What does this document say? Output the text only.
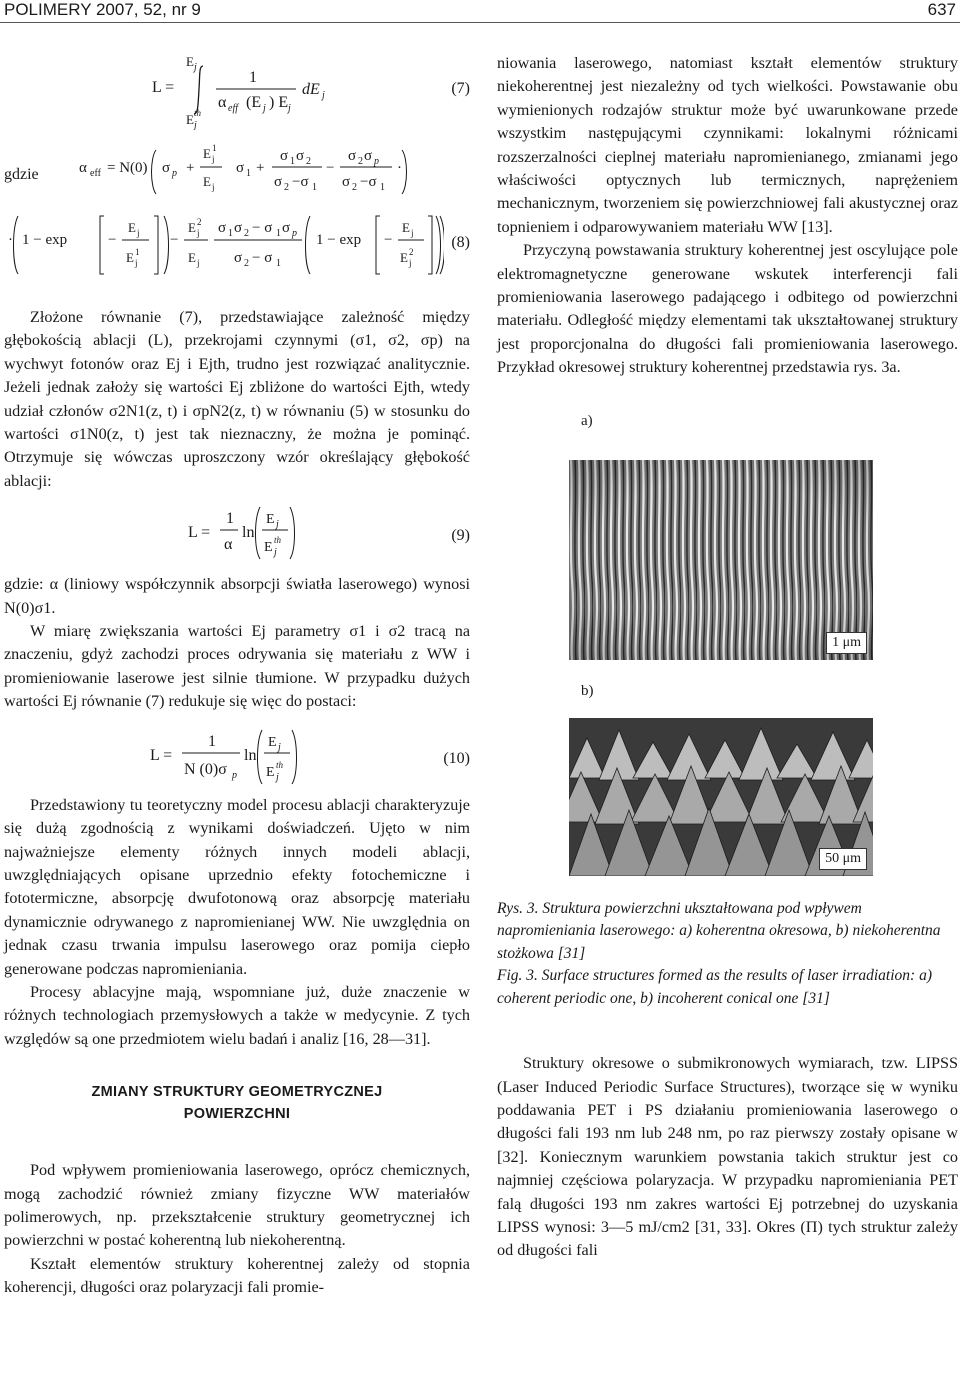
POLIMERY 2007, 52, nr 9	637
L =
E j
E j
th
1
α eff (E j ) E j
dE j	(7)
gdzie	α eff = N(0) σ p +
E j
1
E j
σ 1 +
σ 1 σ 2
σ 2 −σ 1
−
σ 2 σ p
σ 2 −σ 1
·
· 1 − exp	−
E j
E j
1
−
E j
2
E j
σ 1 σ 2 − σ 1 σ p
σ 2 − σ 1
1 − exp −
E j
E j
2
(8)

Złożone równanie (7), przedstawiające zależność między głębokością ablacji (L), przekrojami czynnymi (σ1, σ2, σp) na wychwyt fotonów oraz Ej i Ejth, trudno jest rozwiązać analitycznie. Jeżeli jednak założy się wartości Ej zbliżone do wartości Ejth, wtedy udział członów σ2N1(z, t) i σpN2(z, t) w równaniu (5) w stosunku do wartości σ1N0(z, t) jest tak nieznaczny, że można je pominąć. Otrzymuje się wówczas uproszczony wzór określający głębokość ablacji:

L =
1
α
ln
E j
E j
th	(9)

gdzie: α (liniowy współczynnik absorpcji światła laserowego) wynosi N(0)σ1.

W miarę zwiększania wartości Ej parametry σ1 i σ2 tracą na znaczeniu, gdyż zachodzi proces odrywania się materiału z WW i promieniowanie laserowe jest silnie tłumione. W przypadku dużych wartości Ej równanie (7) redukuje się więc do postaci:

L =
1
N (0)σ p
ln
E j
E j
th	(10)

Przedstawiony tu teoretyczny model procesu ablacji charakteryzuje się dużą zgodnością z wynikami doświadczeń. Ujęto w nim najważniejsze elementy różnych innych modeli ablacji, uwzględniających opisane uprzednio efekty fotochemiczne i fototermiczne, absorpcję dwufotonową oraz absorpcję materiału dynamicznie odrywanego z napromienianej WW. Nie uwzględnia on jednak czasu trwania impulsu laserowego oraz pomija ciepło generowane podczas napromieniania.

Procesy ablacyjne mają, wspomniane już, duże znaczenie w różnych technologiach przemysłowych a także w medycynie. Z tych względów są one przedmiotem wielu badań i analiz [16, 28—31].

ZMIANY STRUKTURY GEOMETRYCZNEJ

POWIERZCHNI

Pod wpływem promieniowania laserowego, oprócz chemicznych, mogą zachodzić również zmiany fizyczne WW materiałów polimerowych, np. przekształcenie struktury geometrycznej ich powierzchni w postać koherentną lub niekoherentną.

Kształt elementów struktury koherentnej zależy od stopnia koherencji, długości oraz polaryzacji fali promie-

niowania laserowego, natomiast kształt elementów struktury niekoherentnej jest niezależny od tych wielkości. Powstawanie obu wymienionych rodzajów struktur może być uwarunkowane przede wszystkim następującymi czynnikami: lokalnymi różnicami rozszerzalności cieplnej materiału napromienianego, zmianami jego właściwości optycznych lub termicznych, naprężeniem mechanicznym, tworzeniem się powierzchniowej fali akustycznej oraz topnieniem i odparowywaniem materiału WW [13].

Przyczyną powstawania struktury koherentnej jest oscylujące pole elektromagnetyczne generowane wskutek interferencji fali promieniowania laserowego padającego i odbitego od powierzchni materiału. Odległość między elementami tak ukształtowanej struktury jest proporcjonalna do długości fali promieniowania laserowego. Przykład okresowej struktury koherentnej przedstawia rys. 3a.

a)
1 μm
b)
50 μm

Rys. 3. Struktura powierzchni ukształtowana pod wpływem napromieniania laserowego: a) koherentna okresowa, b) niekoherentna stożkowa [31]

Fig. 3. Surface structures formed as the results of laser irradiation: a) coherent periodic one, b) incoherent conical one [31]

Struktury okresowe o submikronowych wymiarach, tzw. LIPSS (Laser Induced Periodic Surface Structures), tworzące się w wyniku poddawania PET i PS działaniu promieniowania laserowego o długości fali 193 nm lub 248 nm, po raz pierwszy zostały opisane w [32]. Koniecznym warunkiem powstania takich struktur jest co najmniej częściowa polaryzacja. W przypadku napromieniania PET falą długości 193 nm zakres wartości Ej potrzebnej do uzyskania LIPSS wynosi: 3—5 mJ/cm2 [31, 33]. Okres (Π) tych struktur zależy od długości fali
